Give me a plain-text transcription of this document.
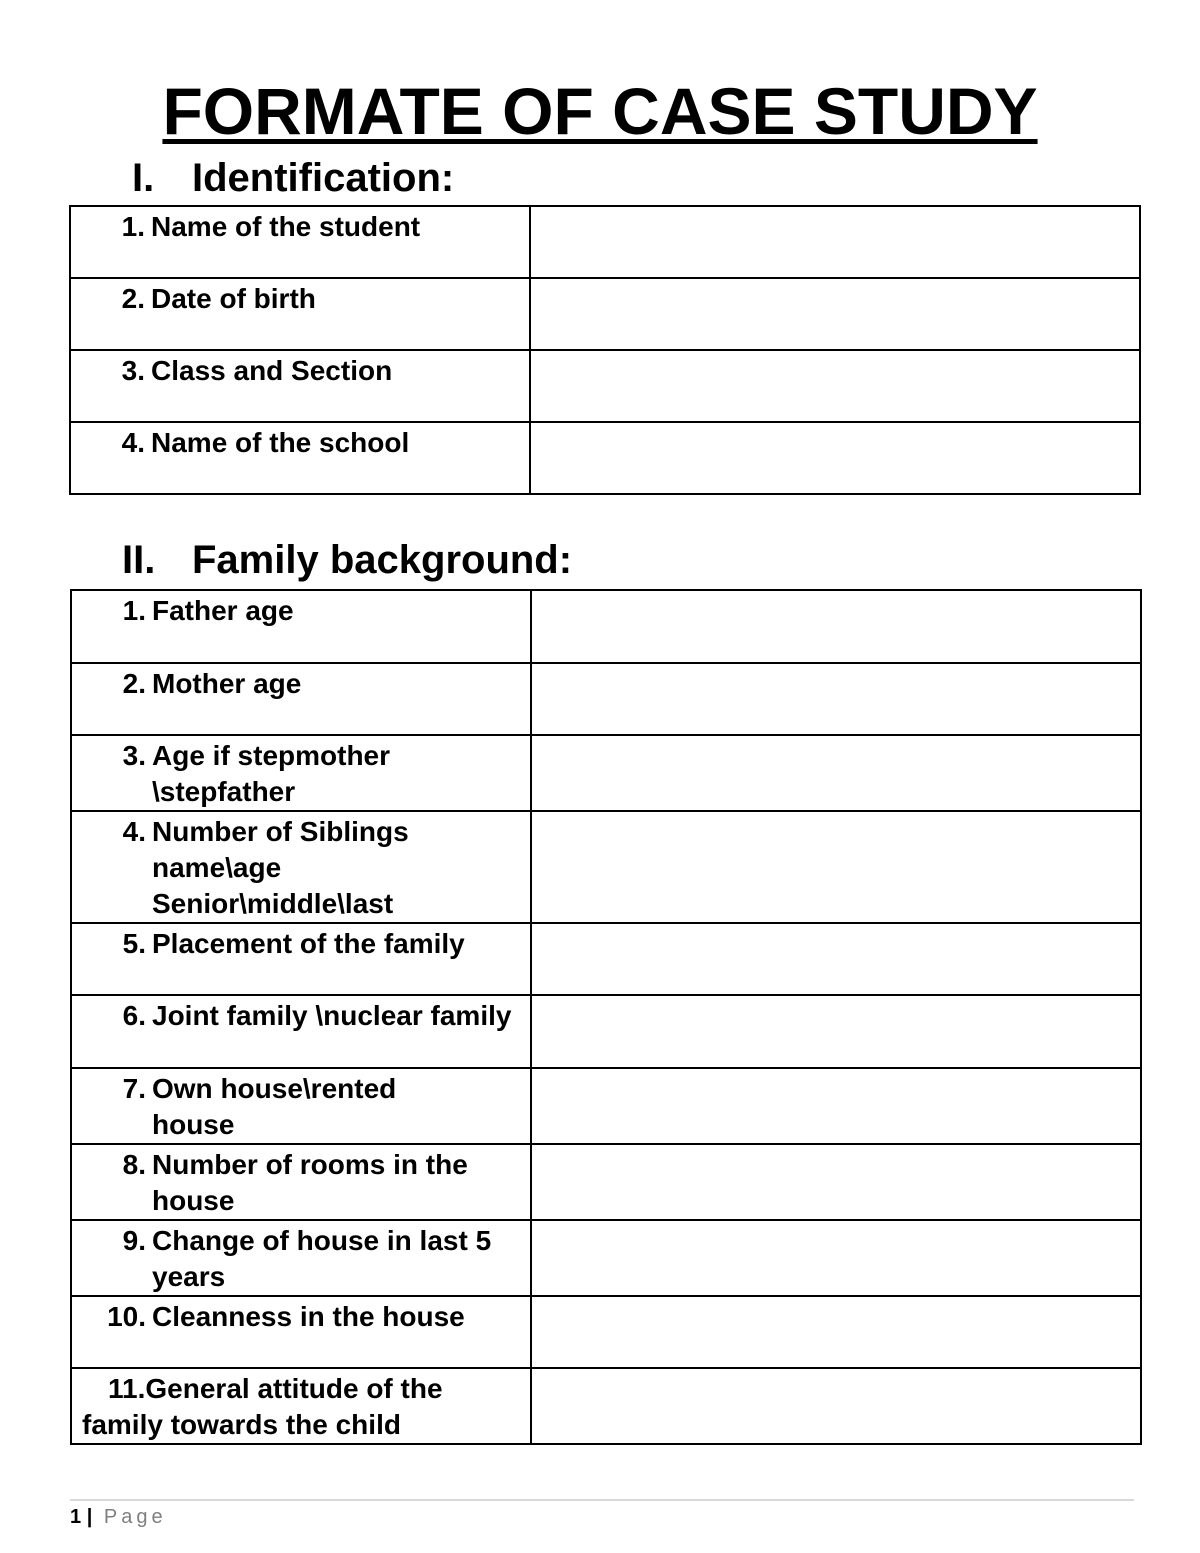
FORMATE OF CASE STUDY
I. Identification:
1. Name of the student	

2. Date of birth	

3. Class and Section	

4. Name of the school	

II. Family background:
1. Father age	

2. Mother age	

3. Age if stepmother \stepfather	

4. Number of Siblings name\age Senior\middle\last	

5. Placement of the family	

6. Joint family \nuclear family	

7. Own house\rented house	

8. Number of rooms in the house	

9. Change of house in last 5 years	

10. Cleanness in the house	

11.General attitude of the family towards the child	

1 | Page
